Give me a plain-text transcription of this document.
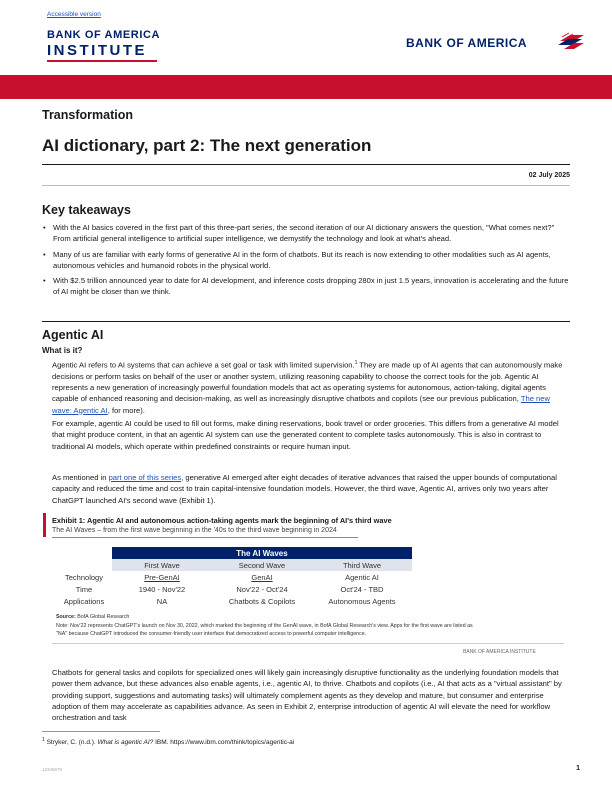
Accessible version
BANK OF AMERICA
INSTITUTE	BANK OF AMERICA
Transformation
AI dictionary, part 2: The next generation
02 July 2025
Key takeaways
• With the AI basics covered in the first part of this three-part series, the second iteration of our AI dictionary answers the question, "What comes next?" From artificial general intelligence to artificial super intelligence, we demystify the technology and look at what's ahead.
• Many of us are familiar with early forms of generative AI in the form of chatbots. But its reach is now extending to other modalities such as AI agents, autonomous vehicles and humanoid robots in the physical world.
• With $2.5 trillion announced year to date for AI development, and inference costs dropping 280x in just 1.5 years, innovation is accelerating and the future of AI might be closer than we think.
Agentic AI
What is it?

Agentic AI refers to AI systems that can achieve a set goal or task with limited supervision.$^1$ They are made up of AI agents that can autonomously make decisions or perform tasks on behalf of the user or another system, utilizing reasoning capability to choose the correct tools for the job. Agentic AI represents a new generation of increasingly powerful foundation models that act as operating systems for autonomous, action-taking, digital agents capable of enhanced reasoning and decision-making, as well as increasingly disruptive chatbots and copilots (see our previous publication, The new wave: Agentic AI, for more).

For example, agentic AI could be used to fill out forms, make dining reservations, book travel or order groceries. This differs from a generative AI model that might produce content, in that an agentic AI system can use the generated content to complete tasks autonomously. This is also in contrast to traditional AI models, which operate within predefined constraints or require human input.

As mentioned in part one of this series, generative AI emerged after eight decades of iterative advances that raised the upper bounds of computational capacity and reduced the time and cost to train capital-intensive foundation models. However, the third wave, Agentic AI, arrives only two years after ChatGPT launched AI's second wave (Exhibit 1).

Exhibit 1: Agentic AI and autonomous action-taking agents mark the beginning of AI's third wave
The AI Waves – from the first wave beginning in the '40s to the third wave beginning in 2024
	The AI Waves		
	First Wave	Second Wave	Third Wave
Technology	Pre-GenAI	GenAI	Agentic AI
Time	1940 - Nov'22	Nov'22 - Oct'24	Oct'24 - TBD
Applications	NA	Chatbots & Copilots	Autonomous Agents
Source: BofA Global Research
Note: Nov'22 represents ChatGPT's launch on Nov 30, 2022, which marked the beginning of the GenAI wave, in BofA Global Research's view. Apps for the first wave are listed as "NA" because ChatGPT introduced the consumer-friendly user interface that democratized access to powerful computer intelligence.
BANK OF AMERICA INSTITUTE

Chatbots for general tasks and copilots for specialized ones will likely gain increasingly disruptive functionality as the underlying foundation models that power them advance, but these advances also enable agents, i.e., agentic AI, to thrive. Chatbots and copilots (i.e., AI that acts as a "virtual assistant" by providing support, suggestions and automating tasks) will ultimately complement agents as they develop and mature, but consumer and enterprise adoption of them may accelerate as capabilities advance. As seen in Exhibit 2, enterprise introduction of agentic AI will elevate the need for workflow orchestration and task

$^1$ Stryker, C. (n.d.). What is agentic AI? IBM. https://www.ibm.com/think/topics/agentic-ai
12345678	1
